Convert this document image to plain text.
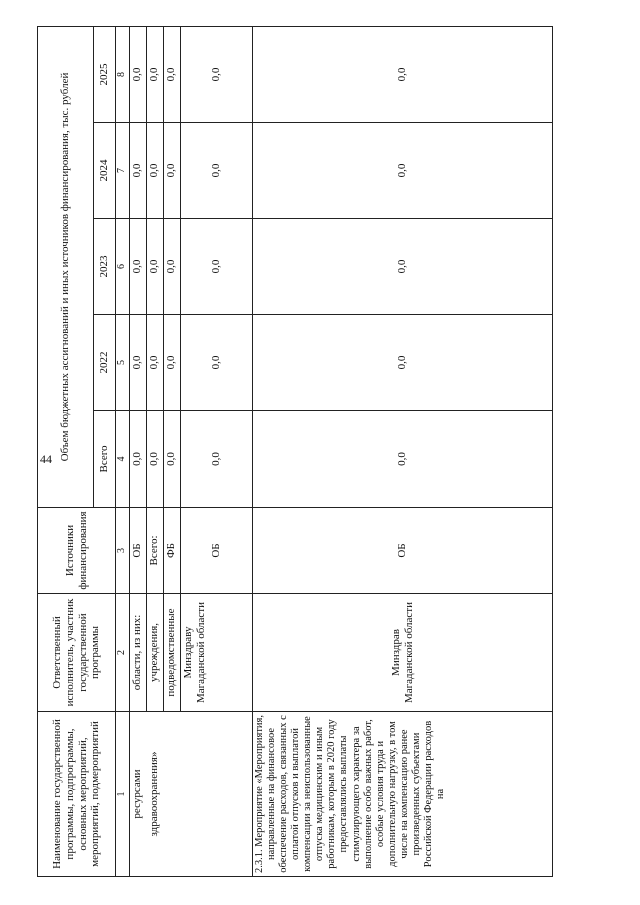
44
Наименование государственной программы, подпрограммы, основных мероприятий, мероприятий, подмероприятий	Ответственный исполнитель, участник государственной программы	Источники финансирования	Объем бюджетных ассигнований и иных источников финансирования, тыс. рублей				
			Всего	2022	2023	2024	2025
1	2	3	4	5	6	7	8
ресурсами	области, из них:	ОБ	0,0	0,0	0,0	0,0	0,0
здравоохранения»	учреждения,	Всего:	0,0	0,0	0,0	0,0	0,0
	подведомственные	ФБ	0,0	0,0	0,0	0,0	0,0
	Минздраву Магаданской области	ОБ	0,0	0,0	0,0	0,0	0,0
2.3.1. Мероприятие «Мероприятия, направленные на финансовое обеспечение расходов, связанных с оплатой отпусков и выплатой компенсации за неиспользованные отпуска медицинским и иным работникам, которым в 2020 году предоставлялись выплаты стимулирующего характера за выполнение особо важных работ, особые условия труда и дополнительную нагрузку, в том числе на компенсацию ранее произведенных субъектами Российской Федерации расходов на	Минздрав Магаданской области	ОБ	0,0	0,0	0,0	0,0	0,0
